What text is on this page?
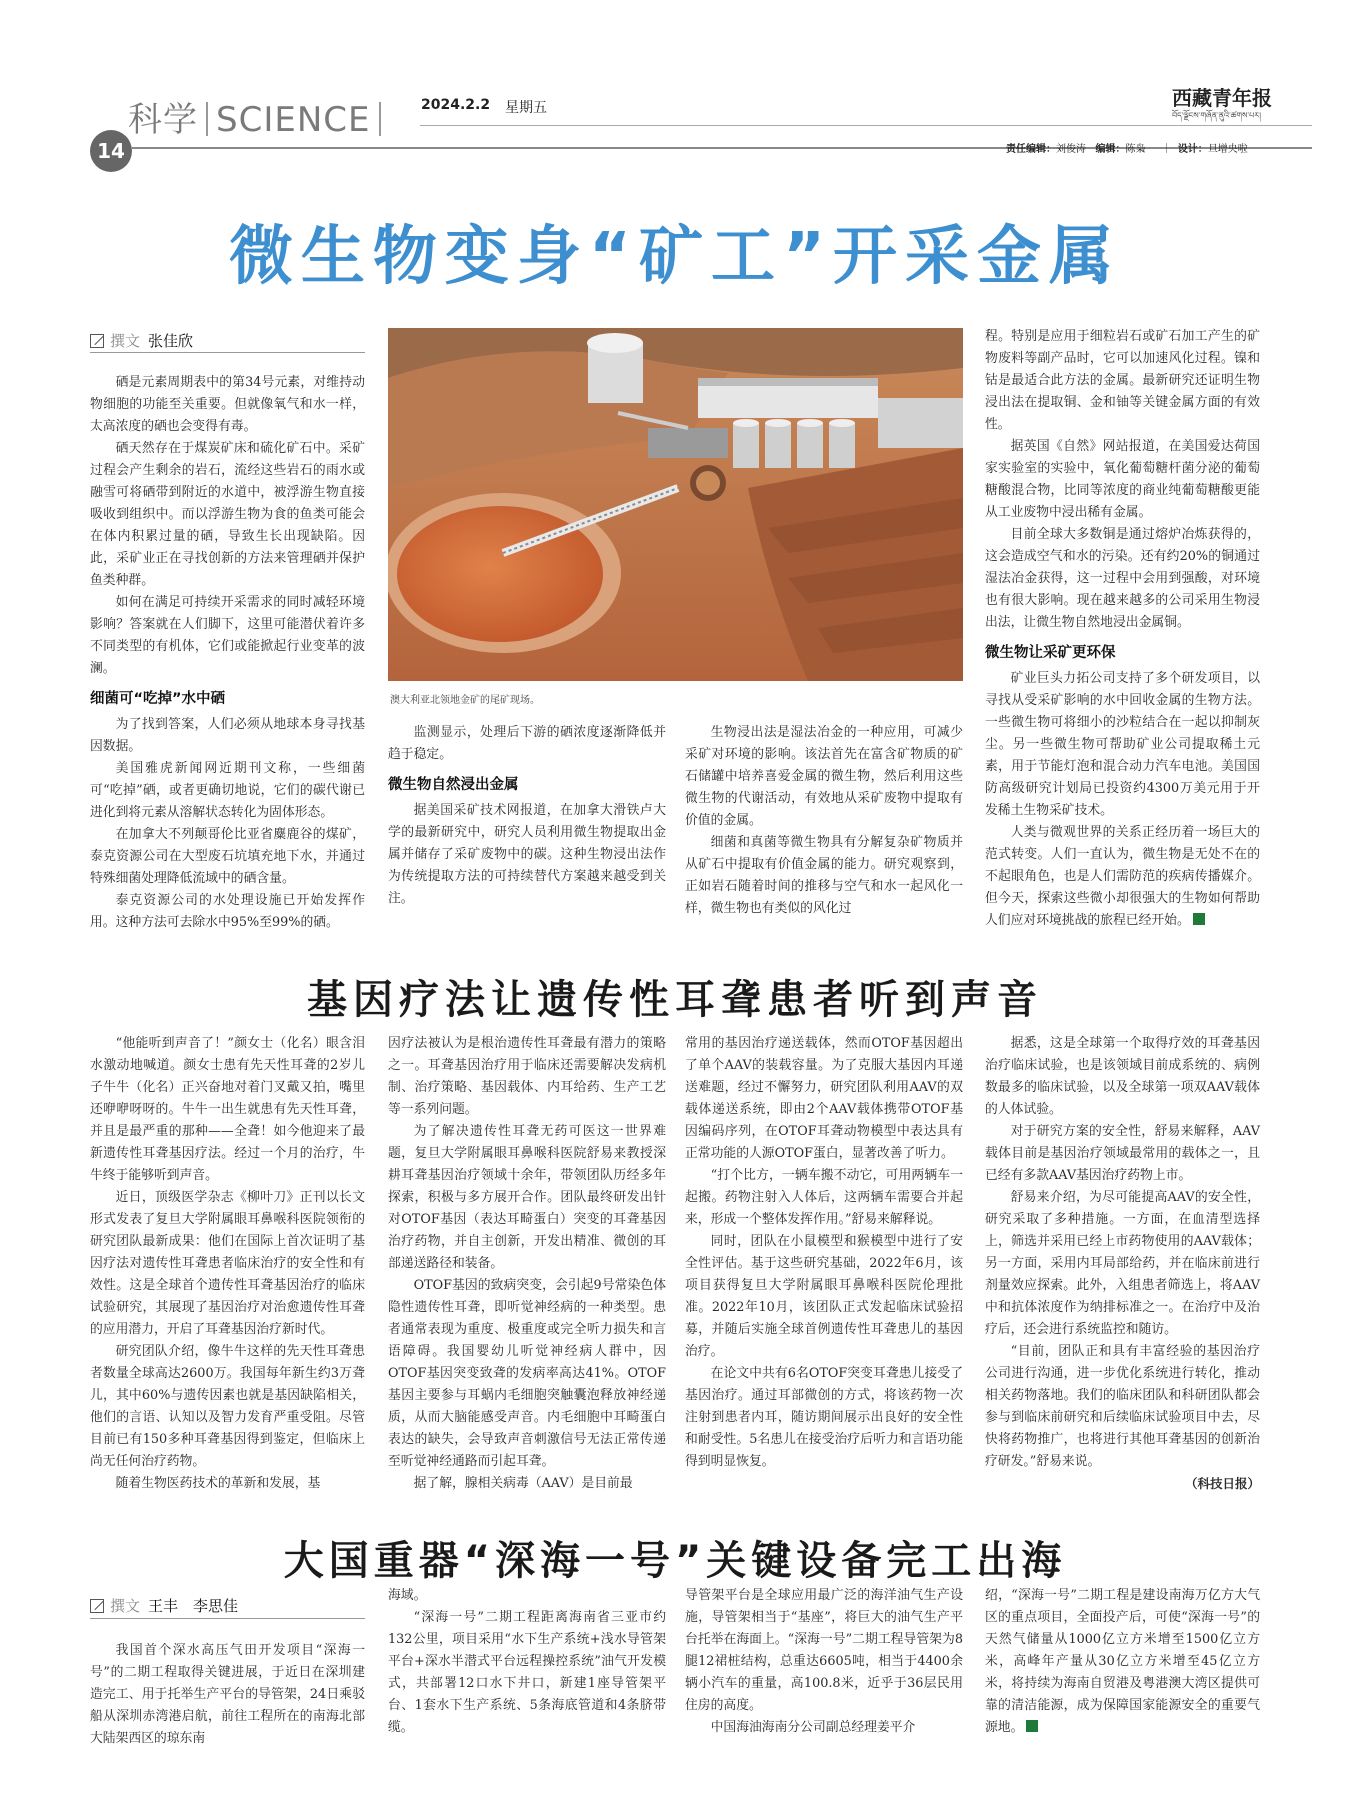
科学 SCIENCE
14
2024.2.2 星期五	西藏青年报
བོད་ལྗོངས་གཞོན་ནུའི་ཚགས་པར།
责任编辑：刘俊涛 编辑：陈枭     ｜  设计：旦增央啦
微生物变身“矿工”开采金属
撰文 张佳欣

硒是元素周期表中的第34号元素，对维持动物细胞的功能至关重要。但就像氧气和水一样，太高浓度的硒也会变得有毒。

硒天然存在于煤炭矿床和硫化矿石中。采矿过程会产生剩余的岩石，流经这些岩石的雨水或融雪可将硒带到附近的水道中，被浮游生物直接吸收到组织中。而以浮游生物为食的鱼类可能会在体内积累过量的硒，导致生长出现缺陷。因此，采矿业正在寻找创新的方法来管理硒并保护鱼类种群。

如何在满足可持续开采需求的同时减轻环境影响？答案就在人们脚下，这里可能潜伏着许多不同类型的有机体，它们或能掀起行业变革的波澜。

细菌可“吃掉”水中硒

为了找到答案，人们必须从地球本身寻找基因数据。

美国雅虎新闻网近期刊文称，一些细菌可“吃掉”硒，或者更确切地说，它们的碳代谢已进化到将元素从溶解状态转化为固体形态。

在加拿大不列颠哥伦比亚省麋鹿谷的煤矿，泰克资源公司在大型废石坑填充地下水，并通过特殊细菌处理降低流域中的硒含量。

泰克资源公司的水处理设施已开始发挥作用。这种方法可去除水中95%至99%的硒。

澳大利亚北领地金矿的尾矿现场。

监测显示，处理后下游的硒浓度逐渐降低并趋于稳定。

微生物自然浸出金属

据美国采矿技术网报道，在加拿大滑铁卢大学的最新研究中，研究人员利用微生物提取出金属并储存了采矿废物中的碳。这种生物浸出法作为传统提取方法的可持续替代方案越来越受到关注。

生物浸出法是湿法冶金的一种应用，可减少采矿对环境的影响。该法首先在富含矿物质的矿石储罐中培养喜爱金属的微生物，然后利用这些微生物的代谢活动，有效地从采矿废物中提取有价值的金属。

细菌和真菌等微生物具有分解复杂矿物质并从矿石中提取有价值金属的能力。研究观察到，正如岩石随着时间的推移与空气和水一起风化一样，微生物也有类似的风化过

程。特别是应用于细粒岩石或矿石加工产生的矿物废料等副产品时，它可以加速风化过程。镍和钴是最适合此方法的金属。最新研究还证明生物浸出法在提取铜、金和铀等关键金属方面的有效性。

据英国《自然》网站报道，在美国爱达荷国家实验室的实验中，氧化葡萄糖杆菌分泌的葡萄糖酸混合物，比同等浓度的商业纯葡萄糖酸更能从工业废物中浸出稀有金属。

目前全球大多数铜是通过熔炉冶炼获得的，这会造成空气和水的污染。还有约20%的铜通过湿法冶金获得，这一过程中会用到强酸，对环境也有很大影响。现在越来越多的公司采用生物浸出法，让微生物自然地浸出金属铜。

微生物让采矿更环保

矿业巨头力拓公司支持了多个研发项目，以寻找从受采矿影响的水中回收金属的生物方法。一些微生物可将细小的沙粒结合在一起以抑制灰尘。另一些微生物可帮助矿业公司提取稀土元素，用于节能灯泡和混合动力汽车电池。美国国防高级研究计划局已投资约4300万美元用于开发稀土生物采矿技术。

人类与微观世界的关系正经历着一场巨大的范式转变。人们一直认为，微生物是无处不在的不起眼角色，也是人们需防范的疾病传播媒介。但今天，探索这些微小却很强大的生物如何帮助人们应对环境挑战的旅程已经开始。

基因疗法让遗传性耳聋患者听到声音

“他能听到声音了！”颜女士（化名）眼含泪水激动地喊道。颜女士患有先天性耳聋的2岁儿子牛牛（化名）正兴奋地对着门叉戴又拍，嘴里还咿咿呀呀的。牛牛一出生就患有先天性耳聋，并且是最严重的那种——全聋！如今他迎来了最新遗传性耳聋基因疗法。经过一个月的治疗，牛牛终于能够听到声音。

近日，顶级医学杂志《柳叶刀》正刊以长文形式发表了复旦大学附属眼耳鼻喉科医院领衔的研究团队最新成果：他们在国际上首次证明了基因疗法对遗传性耳聋患者临床治疗的安全性和有效性。这是全球首个遗传性耳聋基因治疗的临床试验研究，其展现了基因治疗对治愈遗传性耳聋的应用潜力，开启了耳聋基因治疗新时代。

研究团队介绍，像牛牛这样的先天性耳聋患者数量全球高达2600万。我国每年新生约3万聋儿，其中60%与遗传因素也就是基因缺陷相关，他们的言语、认知以及智力发育严重受阻。尽管目前已有150多种耳聋基因得到鉴定，但临床上尚无任何治疗药物。

随着生物医药技术的革新和发展，基

因疗法被认为是根治遗传性耳聋最有潜力的策略之一。耳聋基因治疗用于临床还需要解决发病机制、治疗策略、基因载体、内耳给药、生产工艺等一系列问题。

为了解决遗传性耳聋无药可医这一世界难题，复旦大学附属眼耳鼻喉科医院舒易来教授深耕耳聋基因治疗领域十余年，带领团队历经多年探索，积极与多方展开合作。团队最终研发出针对OTOF基因（表达耳畸蛋白）突变的耳聋基因治疗药物，并自主创新，开发出精准、微创的耳部递送路径和装备。

OTOF基因的致病突变，会引起9号常染色体隐性遗传性耳聋，即听觉神经病的一种类型。患者通常表现为重度、极重度或完全听力损失和言语障碍。我国婴幼儿听觉神经病人群中，因OTOF基因突变致聋的发病率高达41%。OTOF基因主要参与耳蜗内毛细胞突触囊泡释放神经递质，从而大脑能感受声音。内毛细胞中耳畸蛋白表达的缺失，会导致声音刺激信号无法正常传递至听觉神经通路而引起耳聋。

据了解，腺相关病毒（AAV）是目前最

常用的基因治疗递送载体，然而OTOF基因超出了单个AAV的装载容量。为了克服大基因内耳递送难题，经过不懈努力，研究团队利用AAV的双载体递送系统，即由2个AAV载体携带OTOF基因编码序列，在OTOF耳聋动物模型中表达具有正常功能的人源OTOF蛋白，显著改善了听力。

“打个比方，一辆车搬不动它，可用两辆车一起搬。药物注射入人体后，这两辆车需要合并起来，形成一个整体发挥作用。”舒易来解释说。

同时，团队在小鼠模型和猴模型中进行了安全性评估。基于这些研究基础，2022年6月，该项目获得复旦大学附属眼耳鼻喉科医院伦理批准。2022年10月，该团队正式发起临床试验招募，并随后实施全球首例遗传性耳聋患儿的基因治疗。

在论文中共有6名OTOF突变耳聋患儿接受了基因治疗。通过耳部微创的方式，将该药物一次注射到患者内耳，随访期间展示出良好的安全性和耐受性。5名患儿在接受治疗后听力和言语功能得到明显恢复。

据悉，这是全球第一个取得疗效的耳聋基因治疗临床试验，也是该领域目前成系统的、病例数最多的临床试验，以及全球第一项双AAV载体的人体试验。

对于研究方案的安全性，舒易来解释，AAV载体目前是基因治疗领域最常用的载体之一，且已经有多款AAV基因治疗药物上市。

舒易来介绍，为尽可能提高AAV的安全性，研究采取了多种措施。一方面，在血清型选择上，筛选并采用已经上市药物使用的AAV载体；另一方面，采用内耳局部给药，并在临床前进行剂量效应探索。此外，入组患者筛选上，将AAV中和抗体浓度作为纳排标准之一。在治疗中及治疗后，还会进行系统监控和随访。

“目前，团队正和具有丰富经验的基因治疗公司进行沟通，进一步优化系统进行转化，推动相关药物落地。我们的临床团队和科研团队都会参与到临床前研究和后续临床试验项目中去，尽快将药物推广，也将进行其他耳聋基因的创新治疗研发。”舒易来说。

（科技日报）

大国重器“深海一号”关键设备完工出海
撰文 王丰　李思佳

我国首个深水高压气田开发项目“深海一号”的二期工程取得关键进展，于近日在深圳建造完工、用于托举生产平台的导管架，24日乘驳船从深圳赤湾港启航，前往工程所在的南海北部大陆架西区的琼东南

海域。

“深海一号”二期工程距离海南省三亚市约132公里，项目采用“水下生产系统+浅水导管架平台+深水半潜式平台远程操控系统”油气开发模式，共部署12口水下井口，新建1座导管架平台、1套水下生产系统、5条海底管道和4条脐带缆。

导管架平台是全球应用最广泛的海洋油气生产设施，导管架相当于“基座”，将巨大的油气生产平台托举在海面上。“深海一号”二期工程导管架为8腿12裙桩结构，总重达6605吨，相当于4400余辆小汽车的重量，高100.8米，近乎于36层民用住房的高度。

中国海油海南分公司副总经理姜平介

绍，“深海一号”二期工程是建设南海万亿方大气区的重点项目，全面投产后，可使“深海一号”的天然气储量从1000亿立方米增至1500亿立方米，高峰年产量从30亿立方米增至45亿立方米，将持续为海南自贸港及粤港澳大湾区提供可靠的清洁能源，成为保障国家能源安全的重要气源地。
